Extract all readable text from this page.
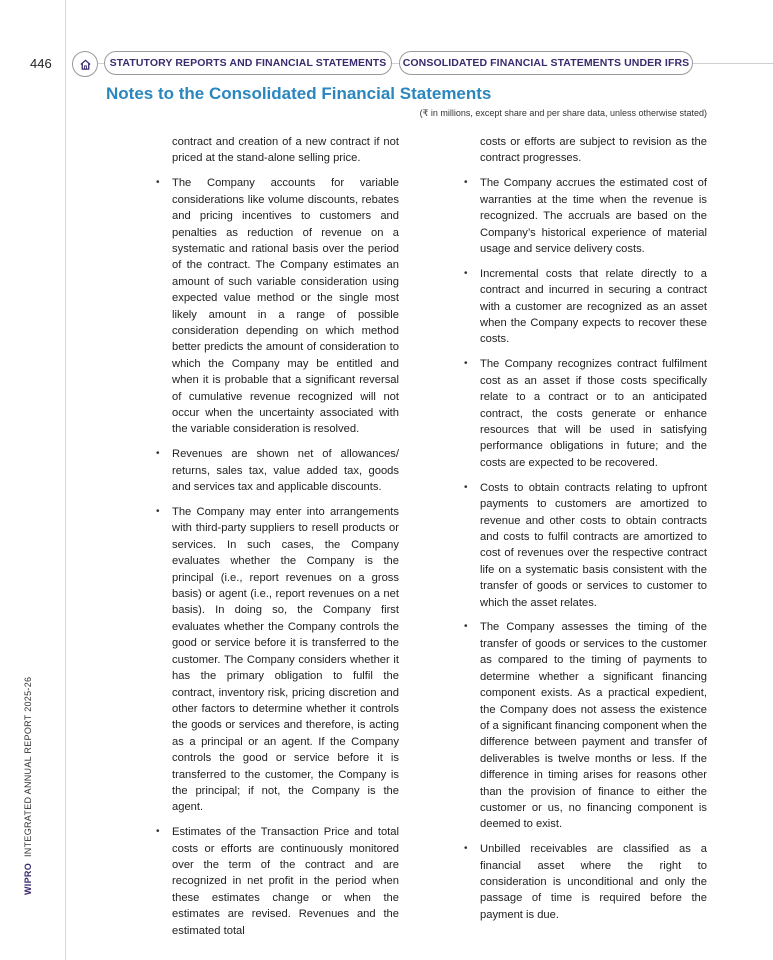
446	STATUTORY REPORTS AND FINANCIAL STATEMENTS	CONSOLIDATED FINANCIAL STATEMENTS UNDER IFRS
Notes to the Consolidated Financial Statements
(₹ in millions, except share and per share data, unless otherwise stated)

contract and creation of a new contract if not priced at the stand-alone selling price.

• The Company accounts for variable considerations like volume discounts, rebates and pricing incentives to customers and penalties as reduction of revenue on a systematic and rational basis over the period of the contract. The Company estimates an amount of such variable consideration using expected value method or the single most likely amount in a range of possible consideration depending on which method better predicts the amount of consideration to which the Company may be entitled and when it is probable that a significant reversal of cumulative revenue recognized will not occur when the uncertainty associated with the variable consideration is resolved.
• Revenues are shown net of allowances/ returns, sales tax, value added tax, goods and services tax and applicable discounts.
• The Company may enter into arrangements with third-party suppliers to resell products or services. In such cases, the Company evaluates whether the Company is the principal (i.e., report revenues on a gross basis) or agent (i.e., report revenues on a net basis). In doing so, the Company first evaluates whether the Company controls the good or service before it is transferred to the customer. The Company considers whether it has the primary obligation to fulfil the contract, inventory risk, pricing discretion and other factors to determine whether it controls the goods or services and therefore, is acting as a principal or an agent. If the Company controls the good or service before it is transferred to the customer, the Company is the principal; if not, the Company is the agent.
• Estimates of the Transaction Price and total costs or efforts are continuously monitored over the term of the contract and are recognized in net profit in the period when these estimates change or when the estimates are revised. Revenues and the estimated total

costs or efforts are subject to revision as the contract progresses.

• The Company accrues the estimated cost of warranties at the time when the revenue is recognized. The accruals are based on the Company’s historical experience of material usage and service delivery costs.
• Incremental costs that relate directly to a contract and incurred in securing a contract with a customer are recognized as an asset when the Company expects to recover these costs.
• The Company recognizes contract fulfilment cost as an asset if those costs specifically relate to a contract or to an anticipated contract, the costs generate or enhance resources that will be used in satisfying performance obligations in future; and the costs are expected to be recovered.
• Costs to obtain contracts relating to upfront payments to customers are amortized to revenue and other costs to obtain contracts and costs to fulfil contracts are amortized to cost of revenues over the respective contract life on a systematic basis consistent with the transfer of goods or services to customer to which the asset relates.
• The Company assesses the timing of the transfer of goods or services to the customer as compared to the timing of payments to determine whether a significant financing component exists. As a practical expedient, the Company does not assess the existence of a significant financing component when the difference between payment and transfer of deliverables is twelve months or less. If the difference in timing arises for reasons other than the provision of finance to either the customer or us, no financing component is deemed to exist.
• Unbilled receivables are classified as a financial asset where the right to consideration is unconditional and only the passage of time is required before the payment is due.
WIPROINTEGRATED ANNUAL REPORT 2025-26
